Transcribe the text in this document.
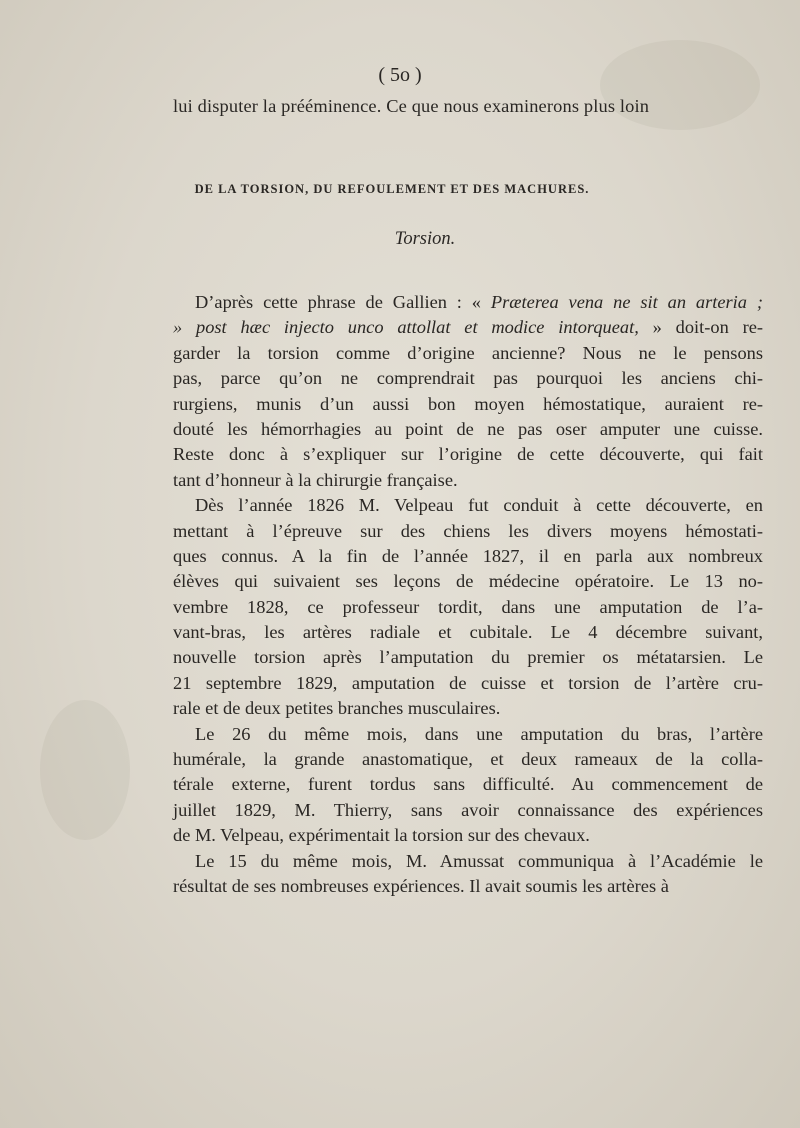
( 5o )
lui disputer la prééminence. Ce que nous examinerons plus loin
DE LA TORSION, DU REFOULEMENT ET DES MACHURES.
Torsion.
D’après cette phrase de Gallien : « Præterea vena ne sit an arteria ;
» post hæc injecto unco attollat et modice intorqueat, » doit-on re-
garder la torsion comme d’origine ancienne? Nous ne le pensons
pas, parce qu’on ne comprendrait pas pourquoi les anciens chi-
rurgiens, munis d’un aussi bon moyen hémostatique, auraient re-
douté les hémorrhagies au point de ne pas oser amputer une cuisse.
Reste donc à s’expliquer sur l’origine de cette découverte, qui fait
tant d’honneur à la chirurgie française.
Dès l’année 1826 M. Velpeau fut conduit à cette découverte, en
mettant à l’épreuve sur des chiens les divers moyens hémostati-
ques connus. A la fin de l’année 1827, il en parla aux nombreux
élèves qui suivaient ses leçons de médecine opératoire. Le 13 no-
vembre 1828, ce professeur tordit, dans une amputation de l’a-
vant-bras, les artères radiale et cubitale. Le 4 décembre suivant,
nouvelle torsion après l’amputation du premier os métatarsien. Le
21 septembre 1829, amputation de cuisse et torsion de l’artère cru-
rale et de deux petites branches musculaires.
Le 26 du même mois, dans une amputation du bras, l’artère
humérale, la grande anastomatique, et deux rameaux de la colla-
térale externe, furent tordus sans difficulté. Au commencement de
juillet 1829, M. Thierry, sans avoir connaissance des expériences
de M. Velpeau, expérimentait la torsion sur des chevaux.
Le 15 du même mois, M. Amussat communiqua à l’Académie le
résultat de ses nombreuses expériences. Il avait soumis les artères à
